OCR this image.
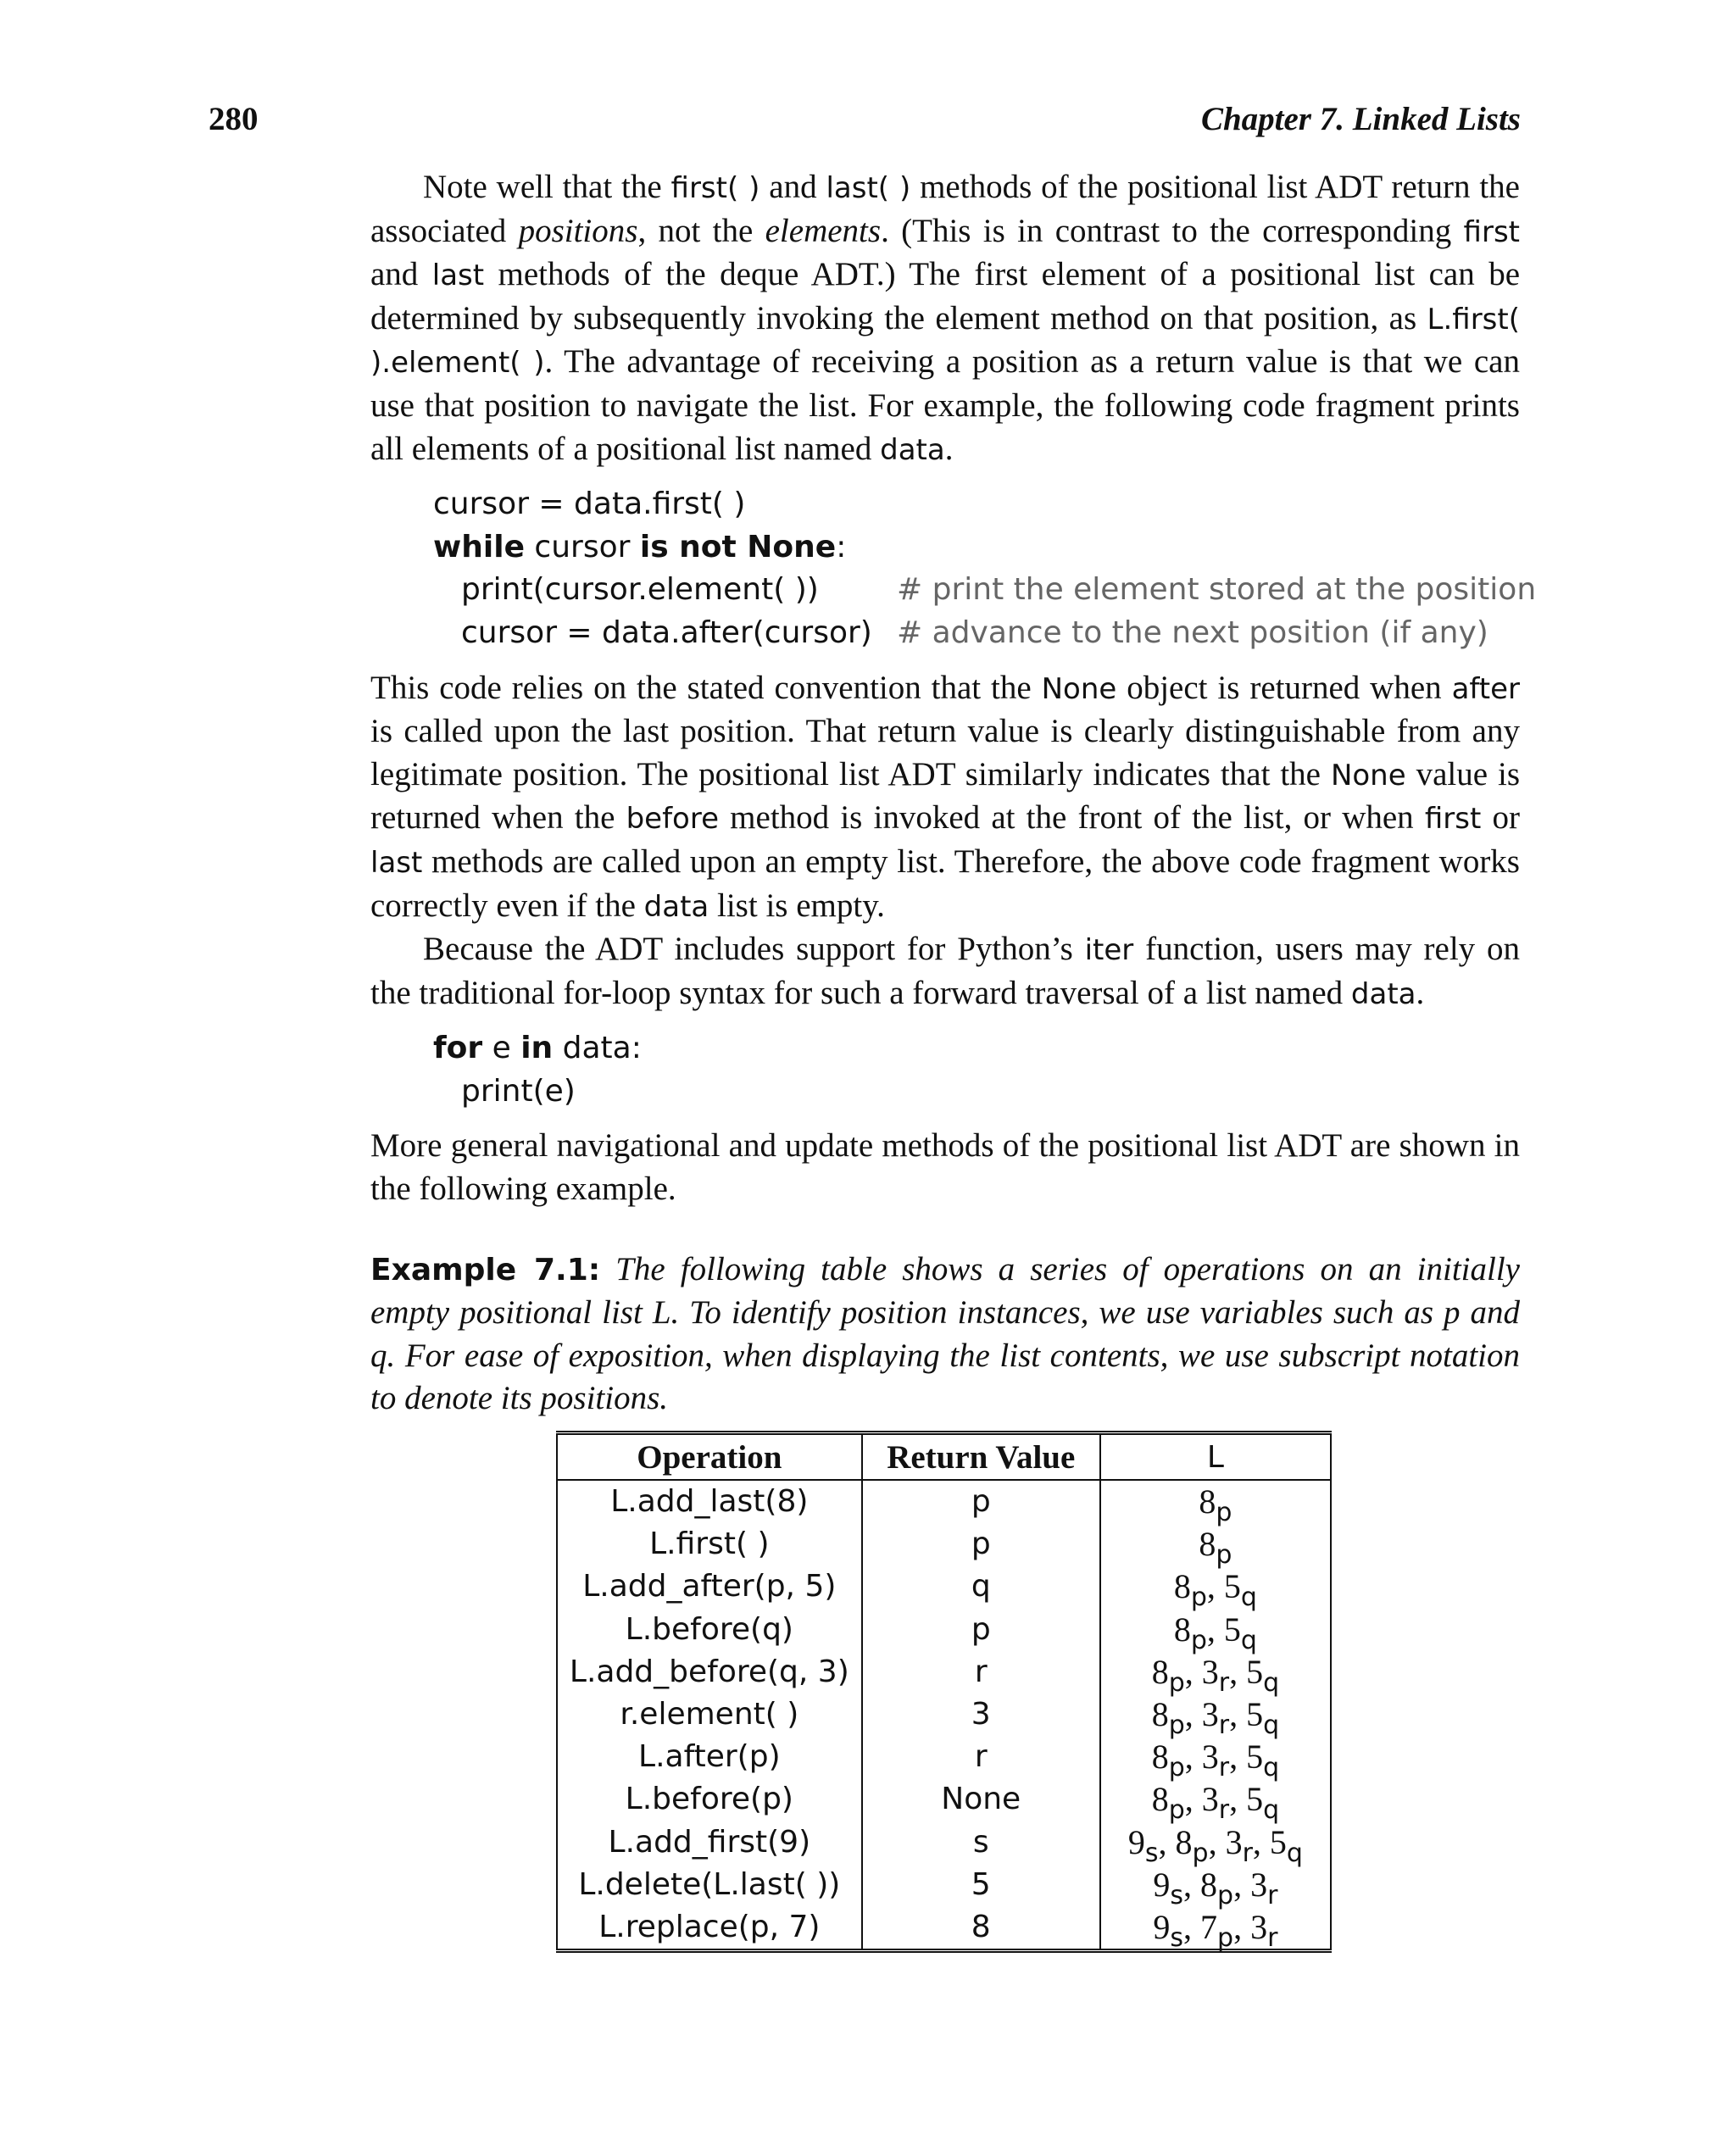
280	Chapter 7. Linked Lists

Note well that the first( ) and last( ) methods of the positional list ADT return the associated positions, not the elements. (This is in contrast to the corresponding first and last methods of the deque ADT.) The first element of a positional list can be determined by subsequently invoking the element method on that position, as L.first( ).element( ). The advantage of receiving a position as a return value is that we can use that position to navigate the list. For example, the following code fragment prints all elements of a positional list named data.

cursor = data.first( )
while cursor is not None:
print(cursor.element( ))	# print the element stored at the position
cursor = data.after(cursor) # advance to the next position (if any)

This code relies on the stated convention that the None object is returned when after is called upon the last position. That return value is clearly distinguishable from any legitimate position. The positional list ADT similarly indicates that the None value is returned when the before method is invoked at the front of the list, or when first or last methods are called upon an empty list. Therefore, the above code fragment works correctly even if the data list is empty.

Because the ADT includes support for Python’s iter function, users may rely on the traditional for-loop syntax for such a forward traversal of a list named data.

for e in data:
print(e)

More general navigational and update methods of the positional list ADT are shown in the following example.

Example 7.1: The following table shows a series of operations on an initially empty positional list L. To identify position instances, we use variables such as p and q. For ease of exposition, when displaying the list contents, we use subscript notation to denote its positions.

Operation	Return Value	L
L.add_last(8)	p	$8_p$
L.first( )	p	$8_p$
L.add_after(p, 5)	q	$8_p$, $5_q$
L.before(q)	p	$8_p$, $5_q$
L.add_before(q, 3)	r	$8_p$, $3_r$, $5_q$
r.element( )	3	$8_p$, $3_r$, $5_q$
L.after(p)	r	$8_p$, $3_r$, $5_q$
L.before(p)	None	$8_p$, $3_r$, $5_q$
L.add_first(9)	s	$9_s$, $8_p$, $3_r$, $5_q$
L.delete(L.last( ))	5	$9_s$, $8_p$, $3_r$
L.replace(p, 7)	8	$9_s$, $7_p$, $3_r$
